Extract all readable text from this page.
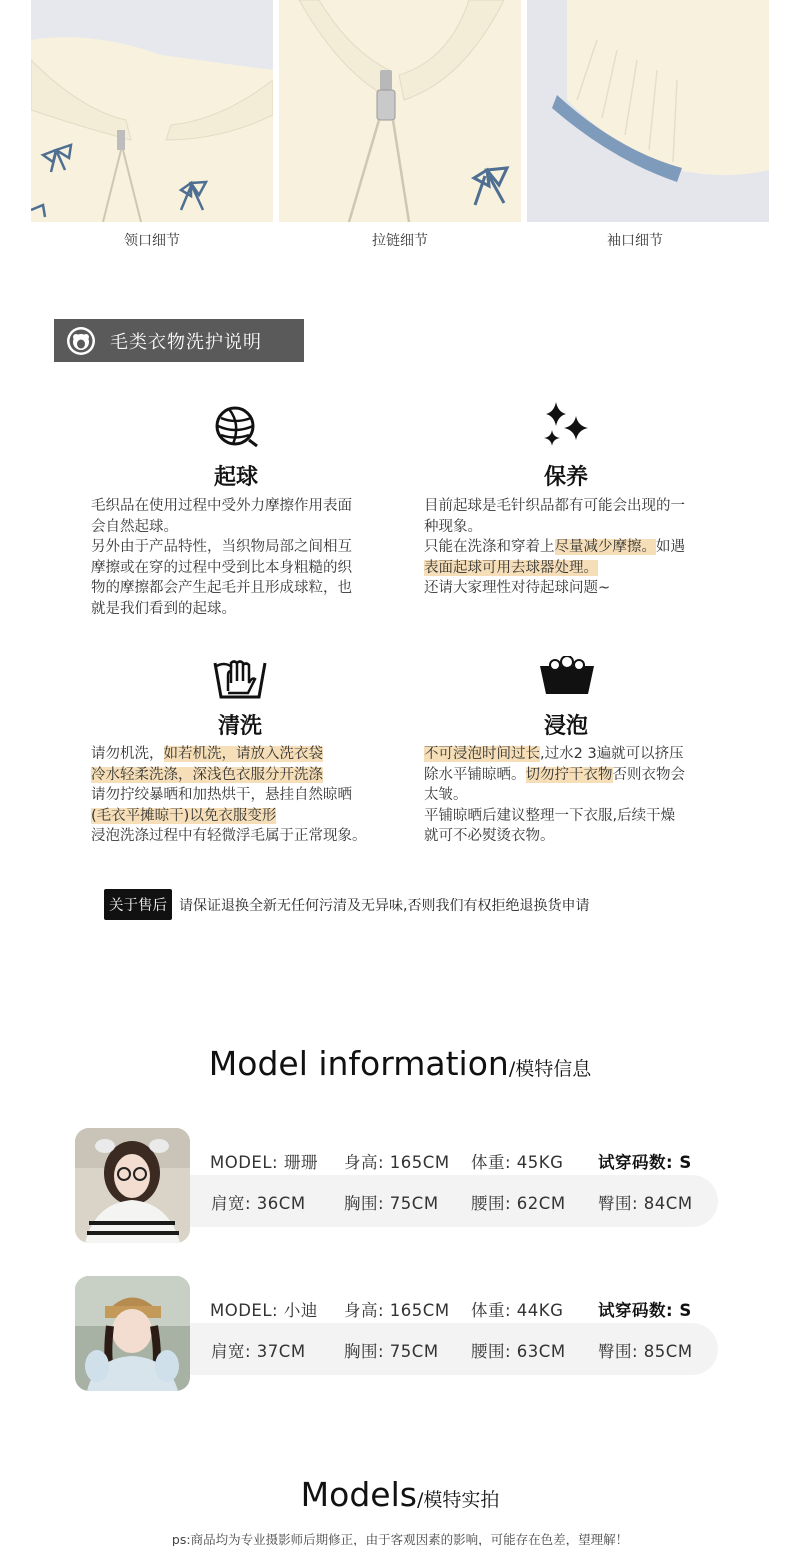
领口细节	拉链细节	袖口细节
毛类衣物洗护说明
起球
毛织品在使用过程中受外力摩擦作用表面
会自然起球。
另外由于产品特性，当织物局部之间相互
摩擦或在穿的过程中受到比本身粗糙的织
物的摩擦都会产生起毛并且形成球粒，也
就是我们看到的起球。
保养
目前起球是毛针织品都有可能会出现的一
种现象。
只能在洗涤和穿着上尽量减少摩擦。如遇
表面起球可用去球器处理。
还请大家理性对待起球问题~
清洗
请勿机洗，如若机洗，请放入洗衣袋
冷水轻柔洗涤，深浅色衣服分开洗涤
请勿拧绞暴晒和加热烘干，悬挂自然晾晒
(毛衣平摊晾干)以免衣服变形
浸泡洗涤过程中有轻微浮毛属于正常现象。
浸泡
不可浸泡时间过长,过水2 3遍就可以挤压
除水平铺晾晒。切勿拧干衣物否则衣物会
太皱。
平铺晾晒后建议整理一下衣服,后续干燥
就可不必熨烫衣物。
关于售后 请保证退换全新无任何污清及无异味,否则我们有权拒绝退换货申请
Model information/模特信息
MODEL: 珊珊 身高: 165CM 体重: 45KG 试穿码数: S
肩宽: 36CM 胸围: 75CM 腰围: 62CM 臀围: 84CM
MODEL: 小迪 身高: 165CM 体重: 44KG 试穿码数: S
肩宽: 37CM 胸围: 75CM 腰围: 63CM 臀围: 85CM
Models/模特实拍
ps:商品均为专业摄影师后期修正，由于客观因素的影响，可能存在色差，望理解！
